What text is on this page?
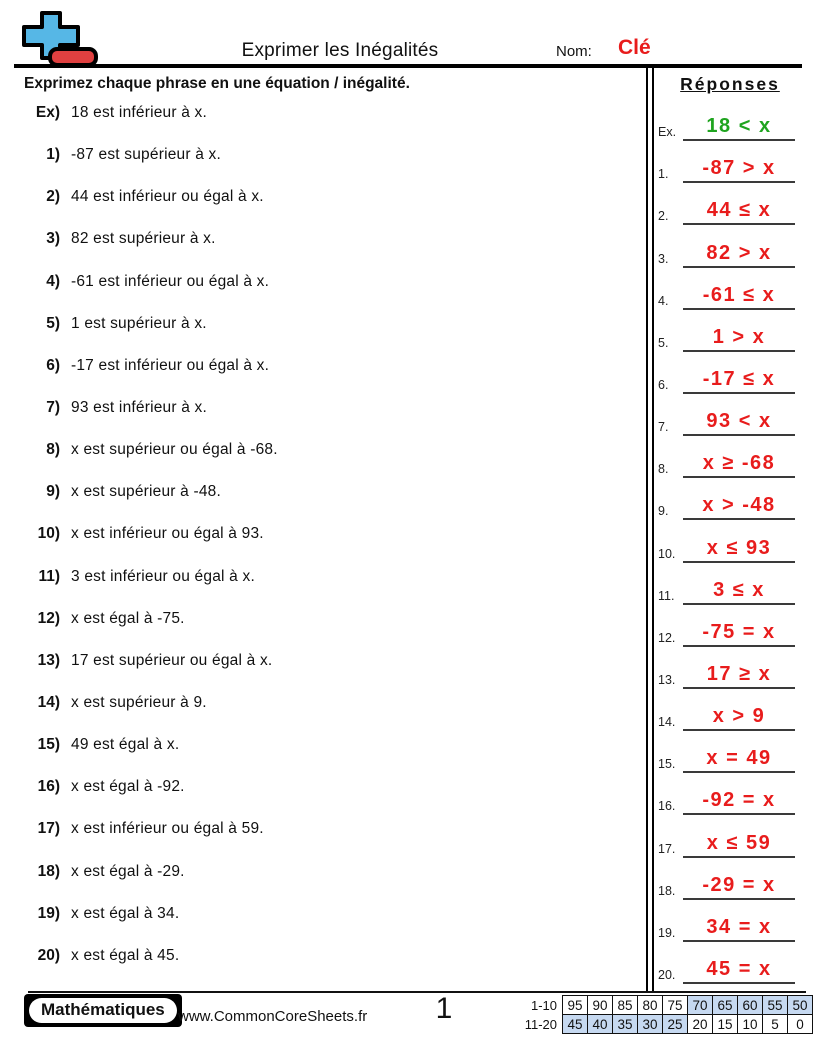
Exprimer les Inégalités	Nom: Clé
Exprimez chaque phrase en une équation / inégalité.	Réponses
Ex) 18 est inférieur à x.
1) -87 est supérieur à x.
2) 44 est inférieur ou égal à x.
3) 82 est supérieur à x.
4) -61 est inférieur ou égal à x.
5) 1 est supérieur à x.
6) -17 est inférieur ou égal à x.
7) 93 est inférieur à x.
8) x est supérieur ou égal à -68.
9) x est supérieur à -48.
10) x est inférieur ou égal à 93.
11) 3 est inférieur ou égal à x.
12) x est égal à -75.
13) 17 est supérieur ou égal à x.
14) x est supérieur à 9.
15) 49 est égal à x.
16) x est égal à -92.
17) x est inférieur ou égal à 59.
18) x est égal à -29.
19) x est égal à 34.
20) x est égal à 45.
Ex.	18 < x
1.	-87 > x
2.	44 ≤ x
3.	82 > x
4.	-61 ≤ x
5.	1 > x
6.	-17 ≤ x
7.	93 < x
8.	x ≥ -68
9.	x > -48
10.	x ≤ 93
11.	3 ≤ x
12.	-75 = x
13.	17 ≥ x
14.	x > 9
15.	x = 49
16.	-92 = x
17.	x ≤ 59
18.	-29 = x
19.	34 = x
20.	45 = x
Mathématiques www.CommonCoreSheets.fr	1	1-10	95	90	85	80	75	70	65	60	55	50
11-20	45	40	35	30	25	20	15	10	5	0
